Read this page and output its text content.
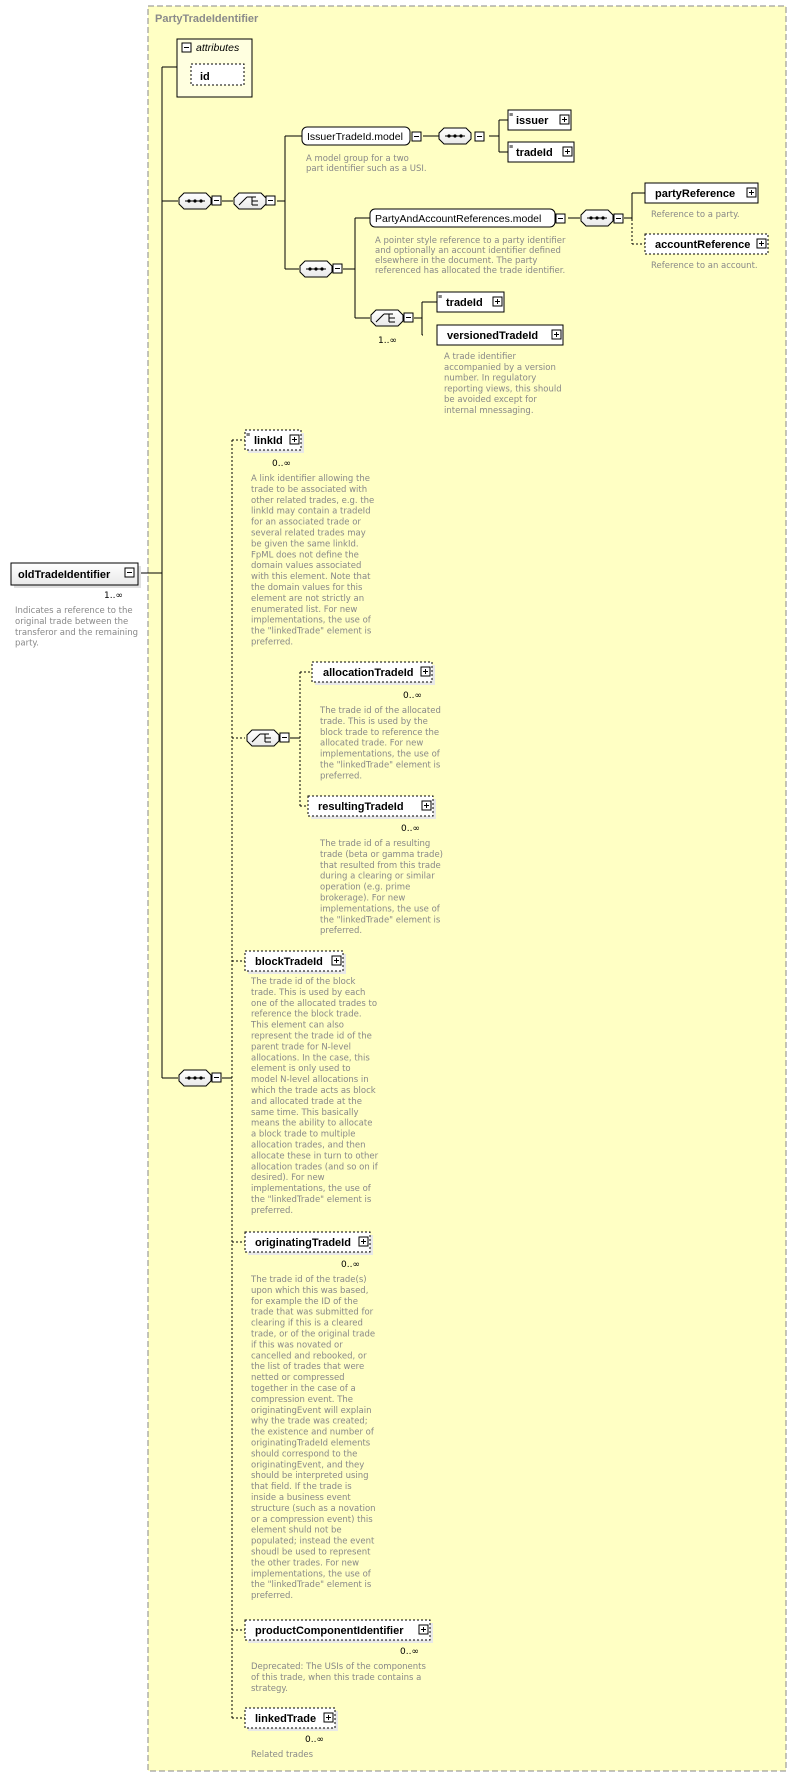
PartyTradeIdentifier
attributes
id
IssuerTradeId.model
≡ issuer
≡ tradeId
A model group for a two
part identifier such as a USI.
PartyAndAccountReferences.model
partyReference
Reference to a party.
accountReference
Reference to an account.
A pointer style reference to a party identifier
and optionally an account identifier defined
elsewhere in the document. The party
referenced has allocated the trade identifier.
1..∞
≡ tradeId
versionedTradeId
A trade identifier
accompanied by a version
number. In regulatory
reporting views, this should
be avoided except for
internal mnessaging.
≡ linkId
0..∞
A link identifier allowing the
trade to be associated with
other related trades, e.g. the
linkId may contain a tradeId
for an associated trade or
several related trades may
be given the same linkId.
FpML does not define the
domain values associated
with this element. Note that
the domain values for this
element are not strictly an
enumerated list. For new
implementations, the use of
the "linkedTrade" element is
preferred.
allocationTradeId
0..∞
The trade id of the allocated
trade. This is used by the
block trade to reference the
allocated trade. For new
implementations, the use of
the "linkedTrade" element is
preferred.
resultingTradeId
0..∞
The trade id of a resulting
trade (beta or gamma trade)
that resulted from this trade
during a clearing or similar
operation (e.g. prime
brokerage). For new
implementations, the use of
the "linkedTrade" element is
preferred.
blockTradeId
The trade id of the block
trade. This is used by each
one of the allocated trades to
reference the block trade.
This element can also
represent the trade id of the
parent trade for N-level
allocations. In the case, this
element is only used to
model N-level allocations in
which the trade acts as block
and allocated trade at the
same time. This basically
means the ability to allocate
a block trade to multiple
allocation trades, and then
allocate these in turn to other
allocation trades (and so on if
desired). For new
implementations, the use of
the "linkedTrade" element is
preferred.
originatingTradeId
0..∞
The trade id of the trade(s)
upon which this was based,
for example the ID of the
trade that was submitted for
clearing if this is a cleared
trade, or of the original trade
if this was novated or
cancelled and rebooked, or
the list of trades that were
netted or compressed
together in the case of a
compression event. The
originatingEvent will explain
why the trade was created;
the existence and number of
originatingTradeId elements
should correspond to the
originatingEvent, and they
should be interpreted using
that field. If the trade is
inside a business event
structure (such as a novation
or a compression event) this
element shuld not be
populated; instead the event
shoudl be used to represent
the other trades. For new
implementations, the use of
the "linkedTrade" element is
preferred.
productComponentIdentifier
0..∞
Deprecated: The USIs of the components
of this trade, when this trade contains a
strategy.
linkedTrade
0..∞
Related trades
oldTradeIdentifier
1..∞
Indicates a reference to the
original trade between the
transferor and the remaining
party.
